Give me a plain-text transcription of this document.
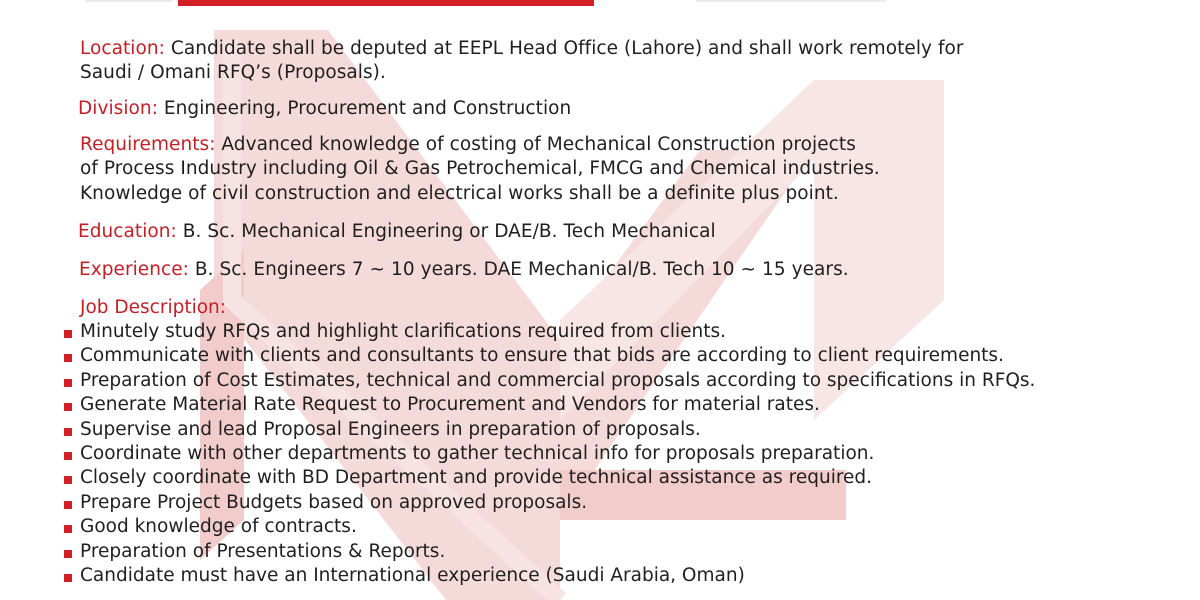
Location: Candidate shall be deputed at EEPL Head Office (Lahore) and shall work remotely for
Saudi / Omani RFQ’s (Proposals).
Division: Engineering, Procurement and Construction
Requirements: Advanced knowledge of costing of Mechanical Construction projects
of Process Industry including Oil & Gas Petrochemical, FMCG and Chemical industries.
Knowledge of civil construction and electrical works shall be a definite plus point.
Education: B. Sc. Mechanical Engineering or DAE/B. Tech Mechanical
Experience: B. Sc. Engineers 7 ~ 10 years. DAE Mechanical/B. Tech 10 ~ 15 years.
Job Description:
Minutely study RFQs and highlight clarifications required from clients.
Communicate with clients and consultants to ensure that bids are according to client requirements.
Preparation of Cost Estimates, technical and commercial proposals according to specifications in RFQs.
Generate Material Rate Request to Procurement and Vendors for material rates.
Supervise and lead Proposal Engineers in preparation of proposals.
Coordinate with other departments to gather technical info for proposals preparation.
Closely coordinate with BD Department and provide technical assistance as required.
Prepare Project Budgets based on approved proposals.
Good knowledge of contracts.
Preparation of Presentations & Reports.
Candidate must have an International experience (Saudi Arabia, Oman)
